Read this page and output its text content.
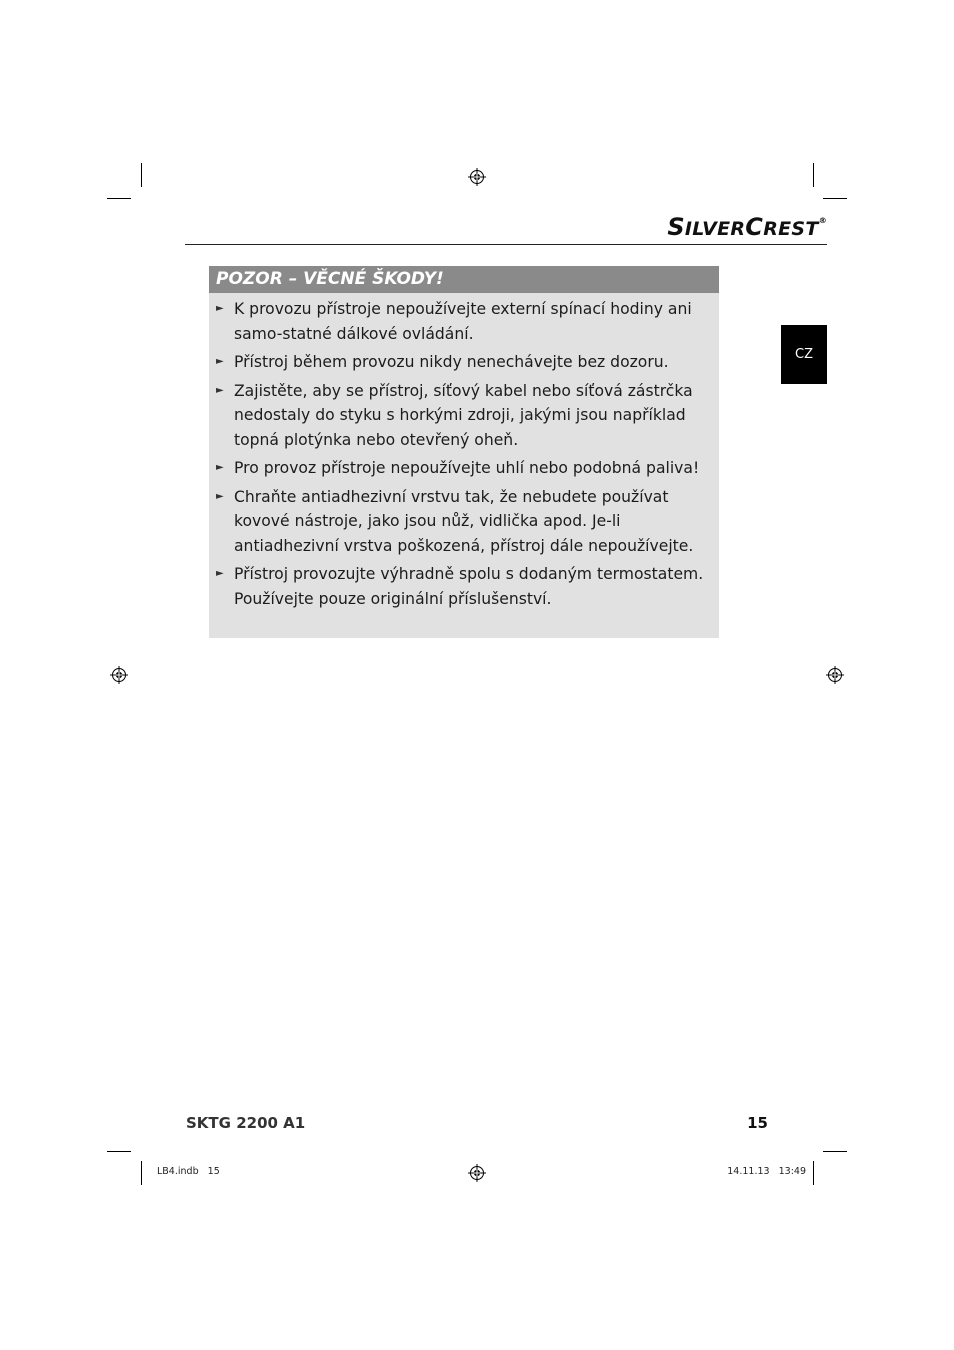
SILVERCREST®
CZ
POZOR – VĚCNÉ ŠKODY!
► K provozu přístroje nepoužívejte externí spínací hodiny ani samo-statné dálkové ovládání.
► Přístroj během provozu nikdy nenechávejte bez dozoru.
► Zajistěte, aby se přístroj, síťový kabel nebo síťová zástrčka nedostaly do styku s horkými zdroji, jakými jsou například topná plotýnka nebo otevřený oheň.
► Pro provoz přístroje nepoužívejte uhlí nebo podobná paliva!
► Chraňte antiadhezivní vrstvu tak, že nebudete používat kovové nástroje, jako jsou nůž, vidlička apod. Je-li antiadhezivní vrstva poškozená, přístroj dále nepoužívejte.
► Přístroj provozujte výhradně spolu s dodaným termostatem. Používejte pouze originální příslušenství.
SKTG 2200 A1	15
LB4.indb   15	14.11.13   13:49
